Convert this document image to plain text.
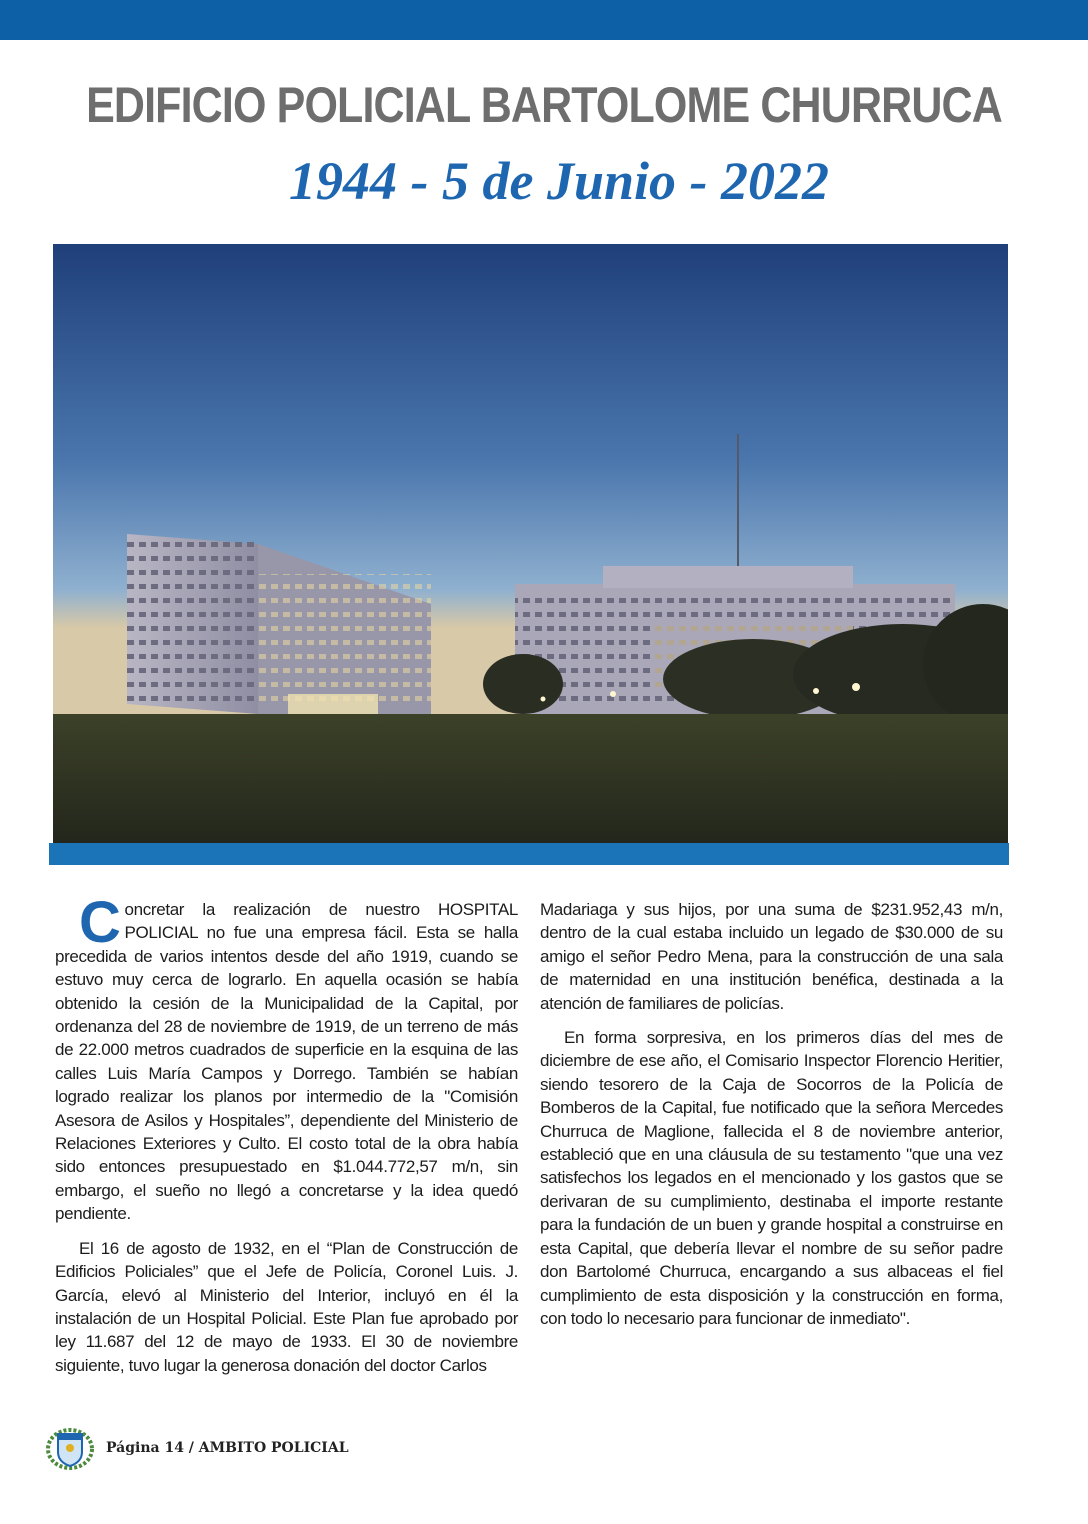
EDIFICIO POLICIAL BARTOLOME CHURRUCA
1944 - 5 de Junio - 2022

Concretar la realización de nuestro HOSPITAL POLICIAL no fue una empresa fácil. Esta se halla precedida de varios intentos desde del año 1919, cuando se estuvo muy cerca de lograrlo. En aquella ocasión se había obtenido la cesión de la Municipalidad de la Capital, por ordenanza del 28 de noviembre de 1919, de un terreno de más de 22.000 metros cuadrados de superficie en la esquina de las calles Luis María Campos y Dorrego. También se habían logrado realizar los planos por intermedio de la "Comisión Asesora de Asilos y Hospitales”, dependiente del Ministerio de Relaciones Exteriores y Culto. El costo total de la obra había sido entonces presupuestado en $1.044.772,57 m/n, sin embargo, el sueño no llegó a concretarse y la idea quedó pendiente.

El 16 de agosto de 1932, en el “Plan de Construcción de Edificios Policiales” que el Jefe de Policía, Coronel Luis. J. García, elevó al Ministerio del Interior, incluyó en él la instalación de un Hospital Policial. Este Plan fue aprobado por ley 11.687 del 12 de mayo de 1933. El 30 de noviembre siguiente, tuvo lugar la generosa donación del doctor Carlos

Madariaga y sus hijos, por una suma de $231.952,43 m/n, dentro de la cual estaba incluido un legado de $30.000 de su amigo el señor Pedro Mena, para la construcción de una sala de maternidad en una institución benéfica, destinada a la atención de familiares de policías.

En forma sorpresiva, en los primeros días del mes de diciembre de ese año, el Comisario Inspector Florencio Heritier, siendo tesorero de la Caja de Socorros de la Policía de Bomberos de la Capital, fue notificado que la señora Mercedes Churruca de Maglione, fallecida el 8 de noviembre anterior, estableció que en una cláusula de su testamento "que una vez satisfechos los legados en el mencionado y los gastos que se derivaran de su cumplimiento, destinaba el importe restante para la fundación de un buen y grande hospital a construirse en esta Capital, que debería llevar el nombre de su señor padre don Bartolomé Churruca, encargando a sus albaceas el fiel cumplimiento de esta disposición y la construcción en forma, con todo lo necesario para funcionar de inmediato".

Página 14 / AMBITO POLICIAL
